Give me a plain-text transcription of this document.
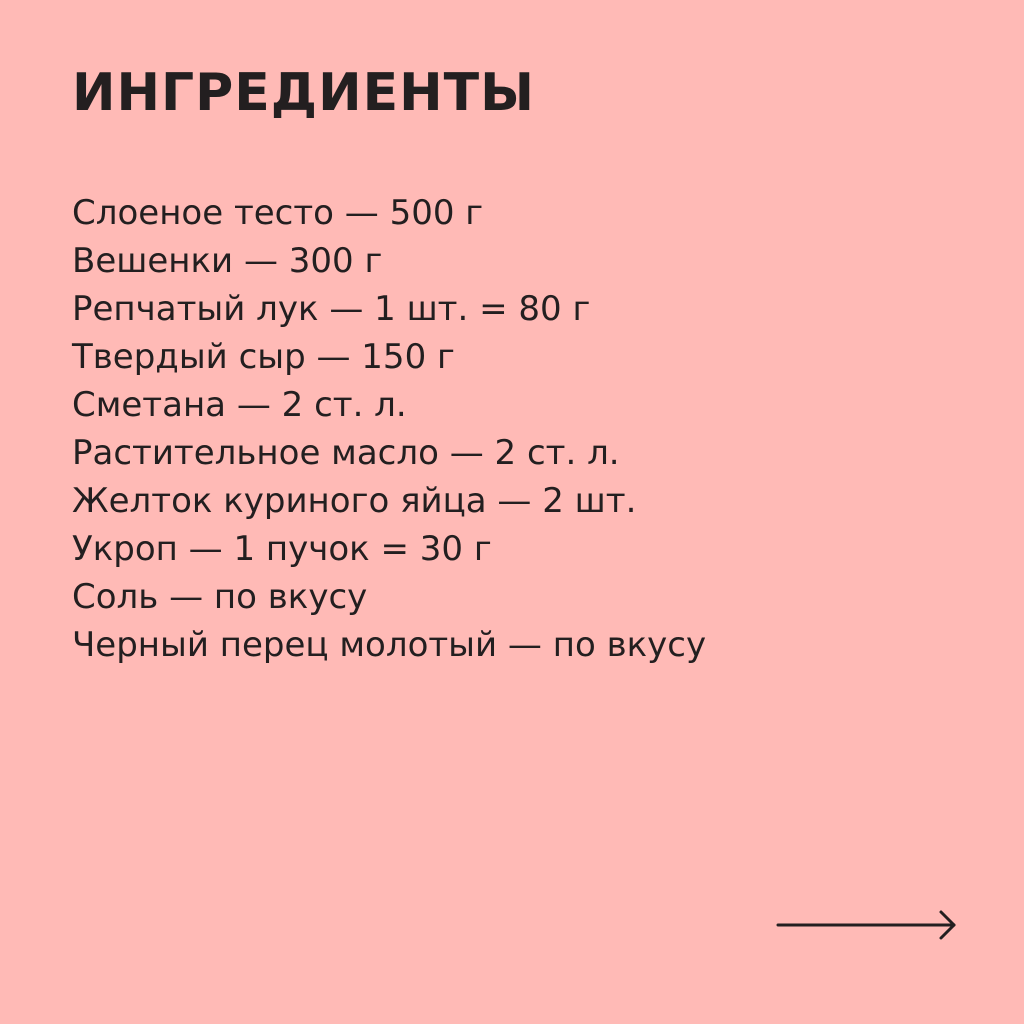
ИНГРЕДИЕНТЫ
Слоеное тесто — 500 г
Вешенки — 300 г
Репчатый лук — 1 шт. = 80 г
Твердый сыр — 150 г
Сметана — 2 ст. л.
Растительное масло — 2 ст. л.
Желток куриного яйца — 2 шт.
Укроп — 1 пучок = 30 г
Соль — по вкусу
Черный перец молотый — по вкусу
